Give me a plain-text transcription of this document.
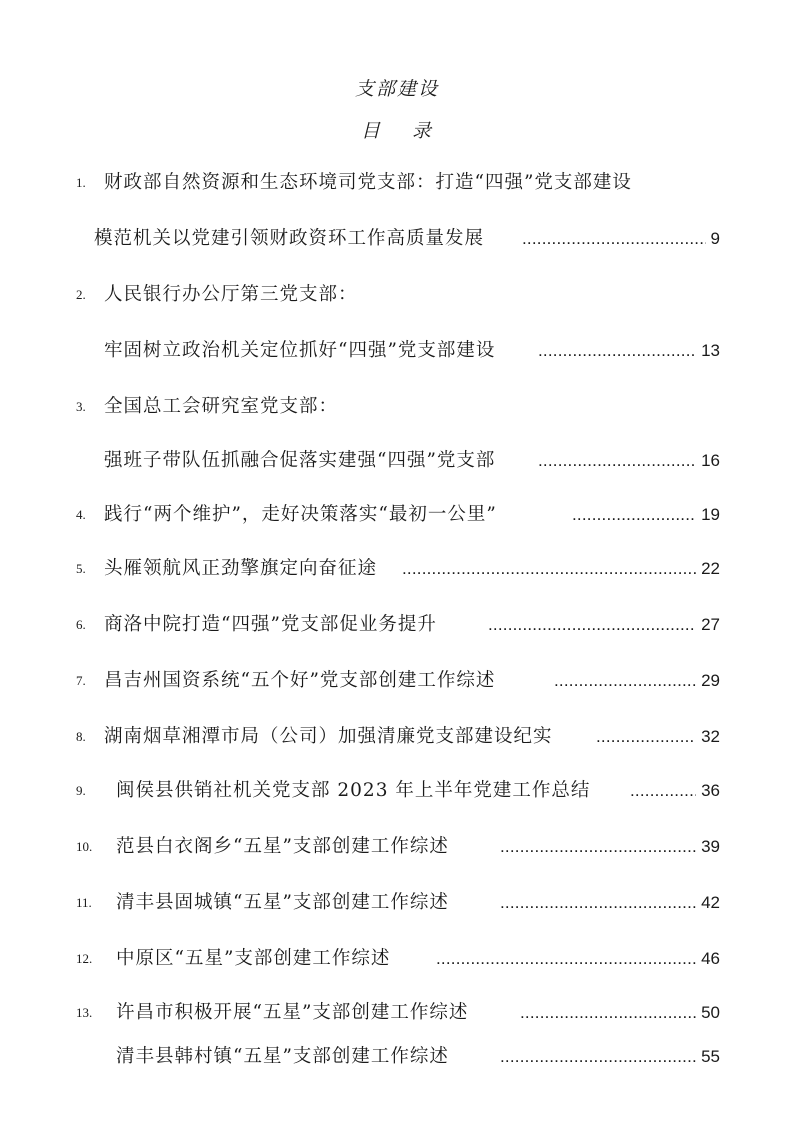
支部建设
目 录
1. 财政部自然资源和生态环境司党支部：打造“四强”党支部建设
模范机关以党建引领财政资环工作高质量发展 .....	9
2. 人民银行办公厅第三党支部：
牢固树立政治机关定位抓好“四强”党支部建设 .....	13
3. 全国总工会研究室党支部：
强班子带队伍抓融合促落实建强“四强”党支部 .....	16
4. 践行“两个维护”，走好决策落实“最初一公里” .....	19
5. 头雁领航风正劲擎旗定向奋征途 .....	22
6. 商洛中院打造“四强”党支部促业务提升 .....	27
7. 昌吉州国资系统“五个好”党支部创建工作综述 .....	29
8. 湖南烟草湘潭市局（公司）加强清廉党支部建设纪实 .....	32
9. 闽侯县供销社机关党支部 2023 年上半年党建工作总结 .....	36
10. 范县白衣阁乡“五星”支部创建工作综述 .....	39
11. 清丰县固城镇“五星”支部创建工作综述 .....	42
12. 中原区“五星”支部创建工作综述 .....	46
13. 许昌市积极开展“五星”支部创建工作综述 .....	50
清丰县韩村镇“五星”支部创建工作综述 .....	55
